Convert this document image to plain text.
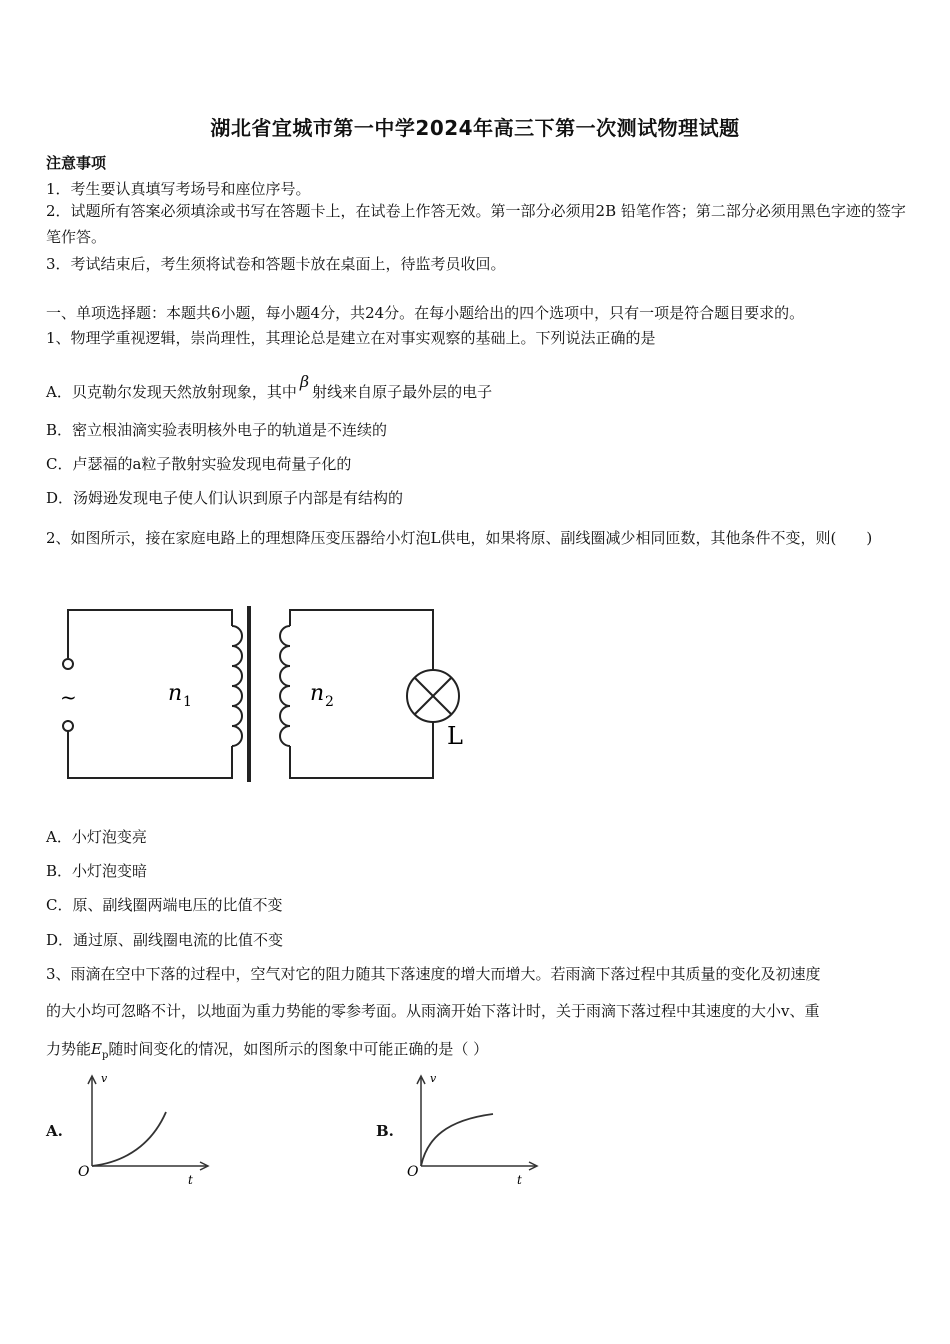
湖北省宜城市第一中学2024年高三下第一次测试物理试题
注意事项
1．考生要认真填写考场号和座位序号。
2．试题所有答案必须填涂或书写在答题卡上，在试卷上作答无效。第一部分必须用2B 铅笔作答；第二部分必须用黑色字迹的签字笔作答。
3．考试结束后，考生须将试卷和答题卡放在桌面上，待监考员收回。
一、单项选择题：本题共6小题，每小题4分，共24分。在每小题给出的四个选项中，只有一项是符合题目要求的。
1、物理学重视逻辑，崇尚理性，其理论总是建立在对事实观察的基础上。下列说法正确的是
A．贝克勒尔发现天然放射现象，其中β射线来自原子最外层的电子
B．密立根油滴实验表明核外电子的轨道是不连续的
C．卢瑟福的a粒子散射实验发现电荷量子化的
D．汤姆逊发现电子使人们认识到原子内部是有结构的
2、如图所示，接在家庭电路上的理想降压变压器给小灯泡L供电，如果将原、副线圈减少相同匝数，其他条件不变，则(　　)
~	n 1	n 2
L
A．小灯泡变亮
B．小灯泡变暗
C．原、副线圈两端电压的比值不变
D．通过原、副线圈电流的比值不变
3、雨滴在空中下落的过程中，空气对它的阻力随其下落速度的增大而增大。若雨滴下落过程中其质量的变化及初速度
的大小均可忽略不计，以地面为重力势能的零参考面。从雨滴开始下落计时，关于雨滴下落过程中其速度的大小v、重
力势能$E_p$随时间变化的情况，如图所示的图象中可能正确的是（ ）
A.
v
t
O
B.
v
t
O
